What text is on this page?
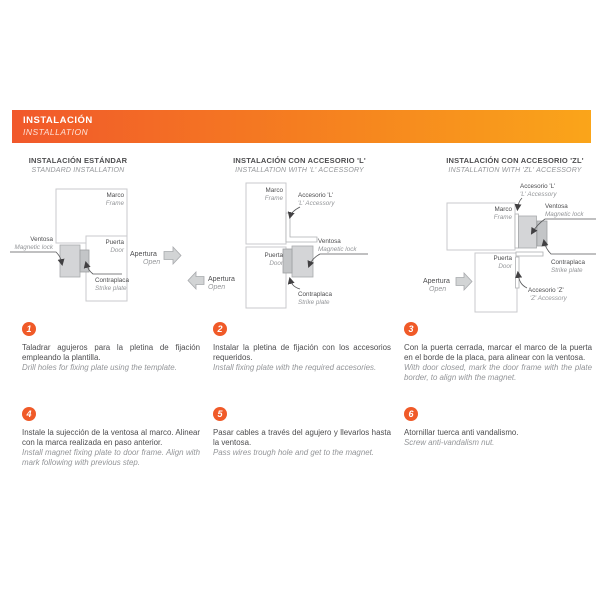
INSTALACIÓN
INSTALLATION
INSTALACIÓN ESTÁNDAR
STANDARD INSTALLATION
INSTALACIÓN CON ACCESORIO 'L'
INSTALLATION WITH 'L' ACCESSORY
INSTALACIÓN CON ACCESORIO 'ZL'
INSTALLATION WITH 'ZL' ACCESSORY
Marco
Frame
Puerta
Door
Ventosa
Magnetic lock
Contraplaca
Strike plate
Apertura
Open
Marco
Frame
Puerta
Door
Accesorio 'L'
'L' Accessory
Ventosa
Magnetic lock
Contraplaca
Strike plate
Apertura
Open
Marco
Frame
Puerta
Door
Accesorio 'L'
'L' Accessory
Ventosa
Magnetic lock
Contraplaca
Strike plate
Accesorio 'Z'
'Z' Accessory
Apertura
Open
1

Taladrar agujeros para la pletina de fijación empleando la plantilla.

Drill holes for fixing plate using the template.

2

Instalar la pletina de fijación con los accesorios requeridos.

Install fixing plate with the required accesories.

3

Con la puerta cerrada, marcar el marco de la puerta en el borde de la placa, para alinear con la ventosa.

With door closed, mark the door frame with the plate border, to align with the magnet.

4

Instale la sujección de la ventosa al marco. Alinear con la marca realizada en paso anterior.

Install magnet fixing plate to door frame. Align with mark following with previous step.

5

Pasar cables a través del agujero y llevarlos hasta la ventosa.

Pass wires trough hole and get to the magnet.

6

Atornillar tuerca anti vandalismo.

Screw anti-vandalism nut.
